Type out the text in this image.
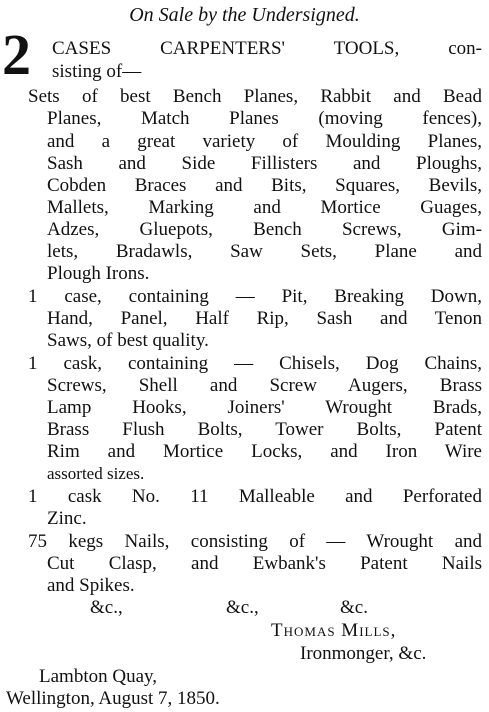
On Sale by the Undersigned.
2 CASES CARPENTERS' TOOLS, con-
sisting of—
Sets of best Bench Planes, Rabbit and Bead
Planes, Match Planes (moving fences),
and a great variety of Moulding Planes,
Sash and Side Fillisters and Ploughs,
Cobden Braces and Bits, Squares, Bevils,
Mallets, Marking and Mortice Guages,
Adzes, Gluepots, Bench Screws, Gim-
lets, Bradawls, Saw Sets, Plane and
Plough Irons.
1 case, containing — Pit, Breaking Down,
Hand, Panel, Half Rip, Sash and Tenon
Saws, of best quality.
1 cask, containing — Chisels, Dog Chains,
Screws, Shell and Screw Augers, Brass
Lamp Hooks, Joiners' Wrought Brads,
Brass Flush Bolts, Tower Bolts, Patent
Rim and Mortice Locks, and Iron Wire
assorted sizes.
1 cask No. 11 Malleable and Perforated
Zinc.
75 kegs Nails, consisting of — Wrought and
Cut Clasp, and Ewbank's Patent Nails
and Spikes.
&c.,	&c.,	&c.
Thomas Mills,
Ironmonger, &c.
Lambton Quay,
Wellington, August 7, 1850.
